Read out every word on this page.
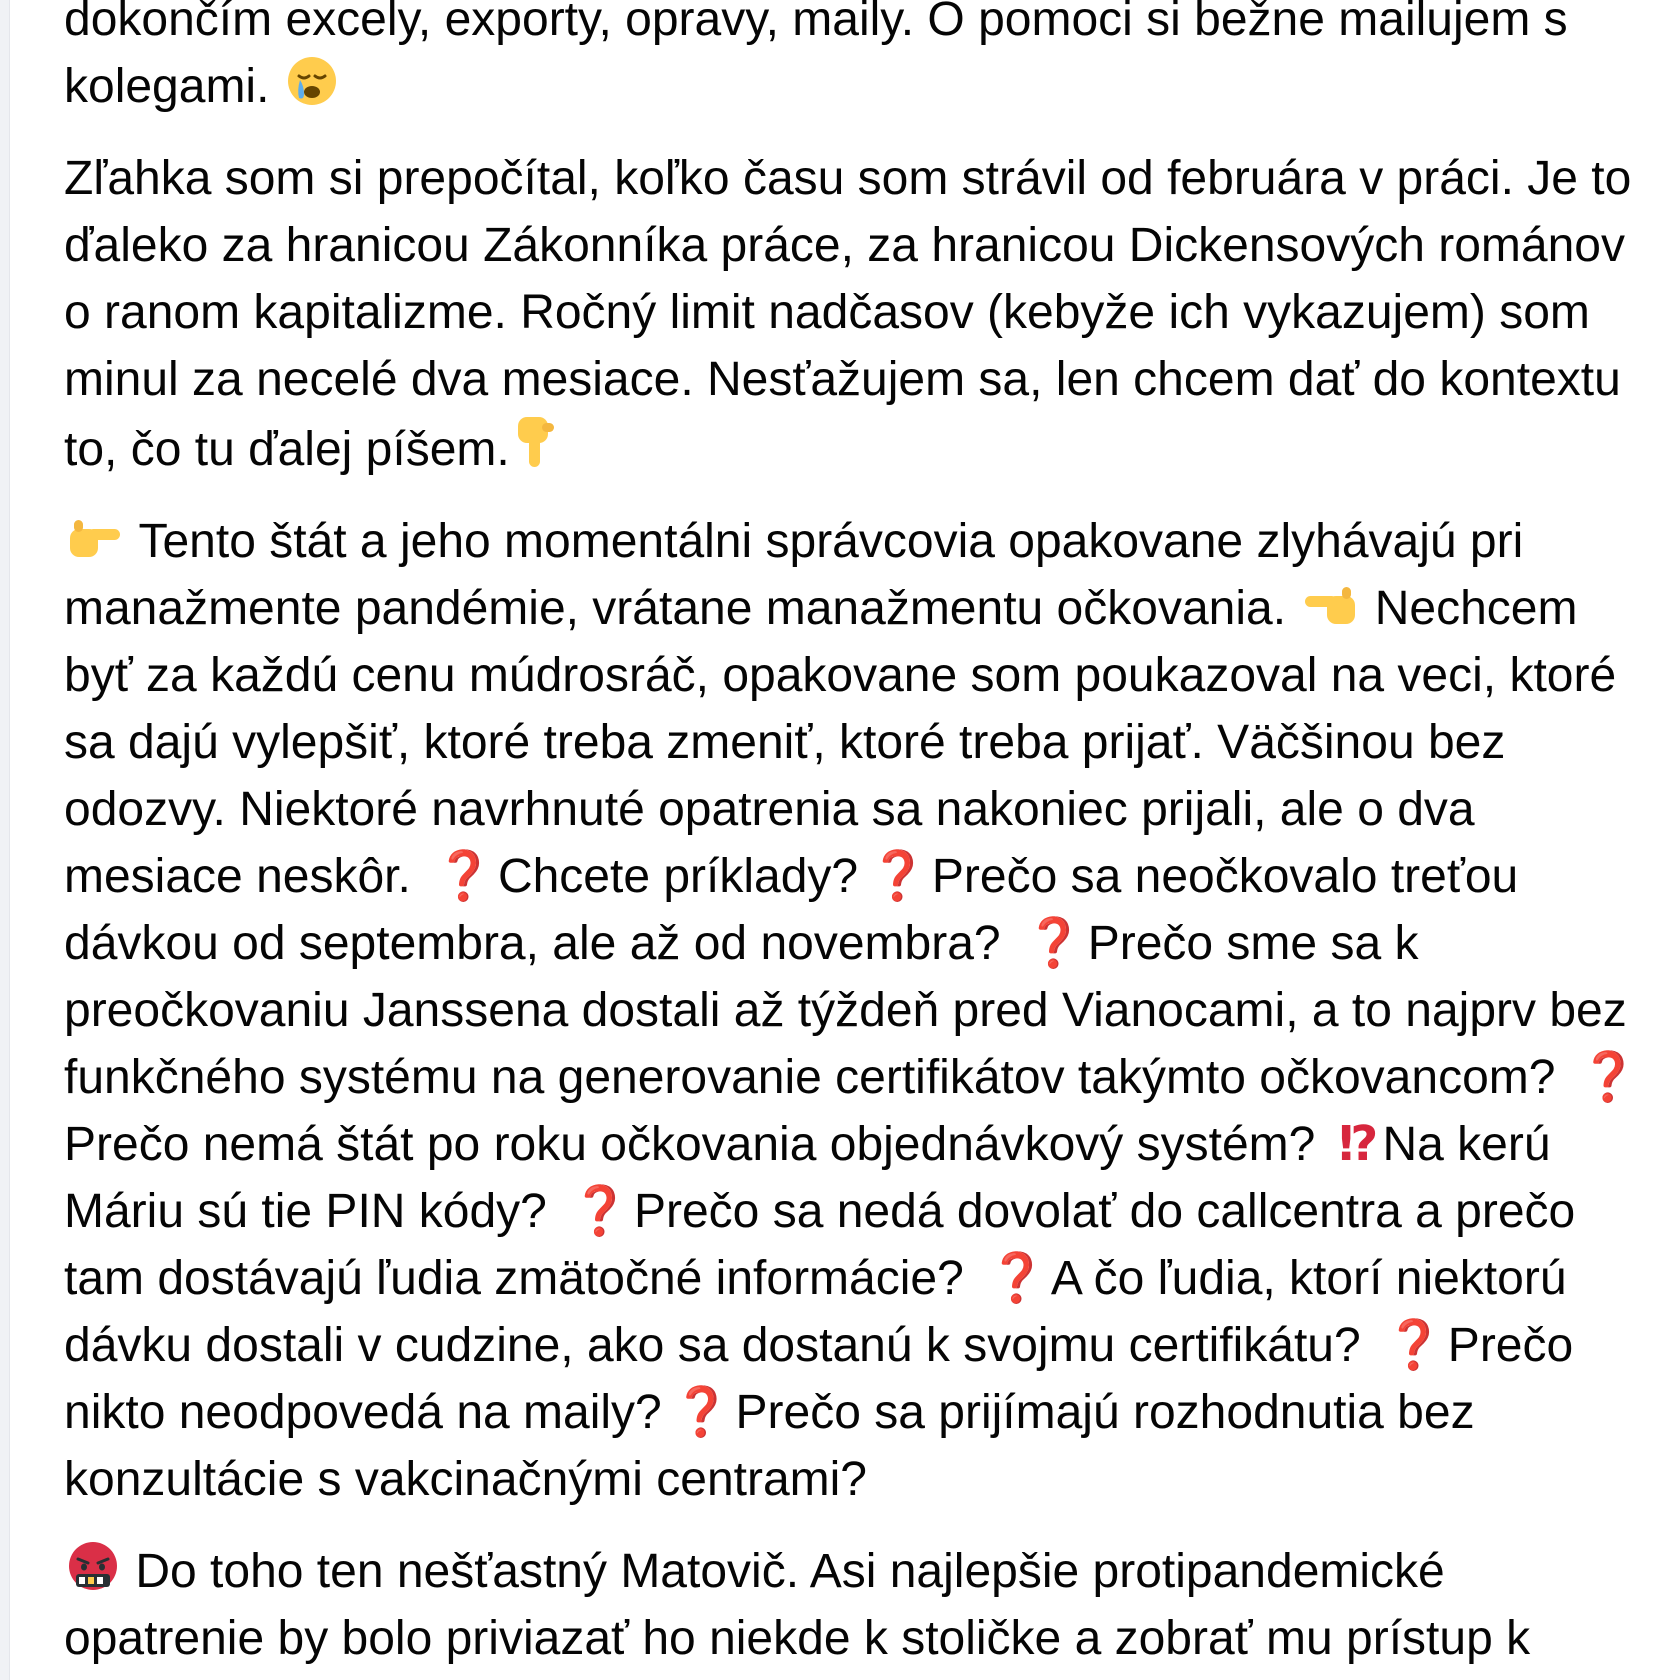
dokončím excely, exporty, opravy, maily. O pomoci si bežne mailujem s
kolegami.

Zľahka som si prepočítal, koľko času som strávil od februára v práci. Je to ďaleko za hranicou Zákonníka práce, za hranicou Dickensových románov o ranom kapitalizme. Ročný limit nadčasov (kebyže ich vykazujem) som minul za necelé dva mesiace. Nesťažujem sa, len chcem dať do kontextu to, čo tu ďalej píšem.

Tento štát a jeho momentálni správcovia opakovane zlyhávajú pri manažmente pandémie, vrátane manažmentu očkovania. Nechcem byť za každú cenu múdrosráč, opakovane som poukazoval na veci, ktoré sa dajú vylepšiť, ktoré treba zmeniť, ktoré treba prijať. Väčšinou bez odozvy. Niektoré navrhnuté opatrenia sa nakoniec prijali, ale o dva mesiace neskôr. ❓Chcete príklady? ❓Prečo sa neočkovalo treťou dávkou od septembra, ale až od novembra? ❓Prečo sme sa k preočkovaniu Janssena dostali až týždeň pred Vianocami, a to najprv bez funkčného systému na generovanie certifikátov takýmto očkovancom? ❓Prečo nemá štát po roku očkovania objednávkový systém? ⁉Na kerú Máriu sú tie PIN kódy? ❓Prečo sa nedá dovolať do callcentra a prečo tam dostávajú ľudia zmätočné informácie? ❓A čo ľudia, ktorí niektorú dávku dostali v cudzine, ako sa dostanú k svojmu certifikátu? ❓Prečo nikto neodpovedá na maily? ❓Prečo sa prijímajú rozhodnutia bez konzultácie s vakcinačnými centrami?

Do toho ten nešťastný Matovič. Asi najlepšie protipandemické opatrenie by bolo priviazať ho niekde k stoličke a zobrať mu prístup k
